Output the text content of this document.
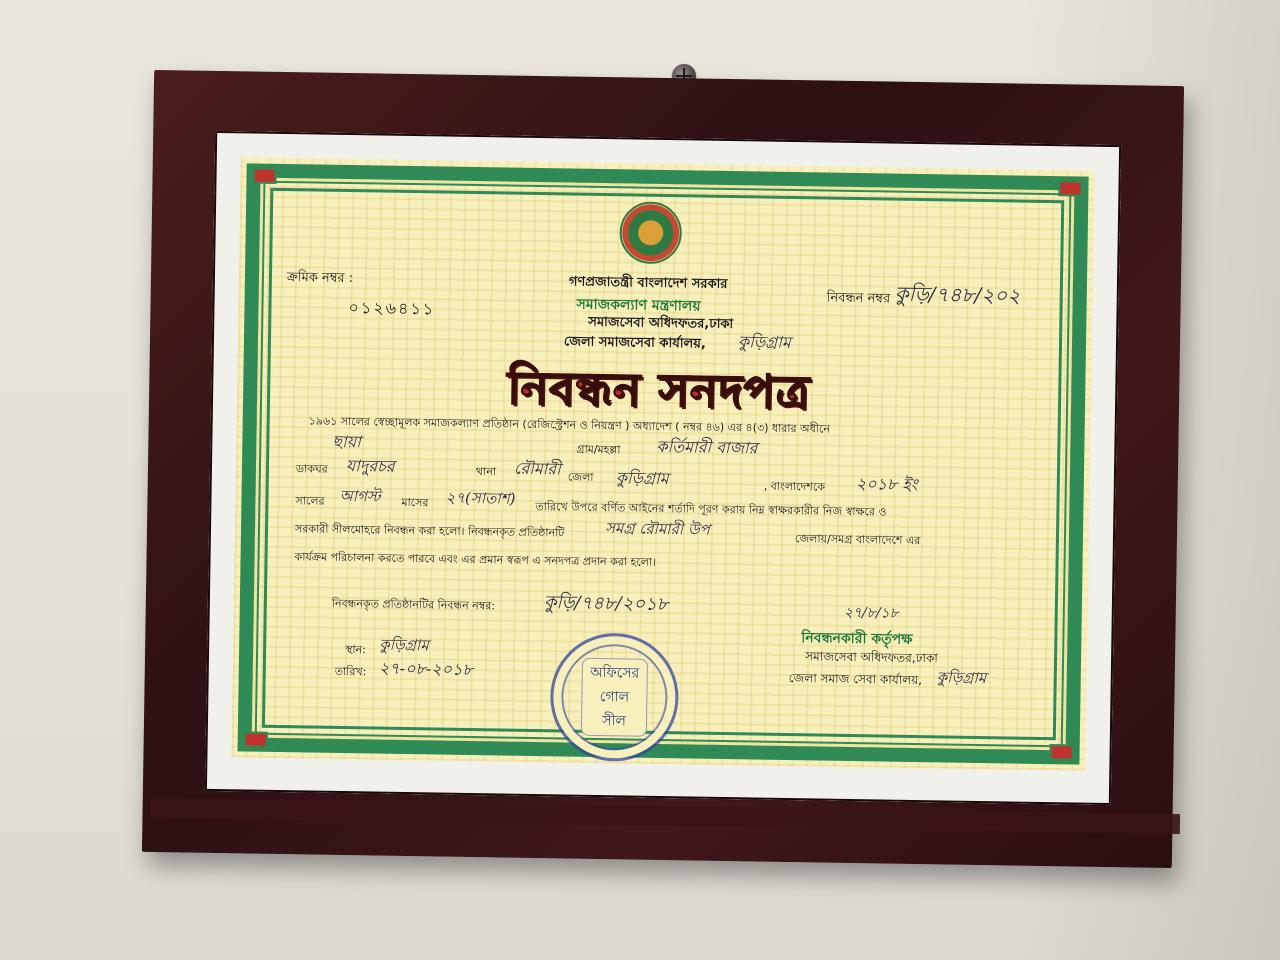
ক্রমিক নম্বর :
০১২৬৪১১	নিবন্ধন নম্বর কুড়ি/৭৪৮/২০২
গণপ্রজাতন্ত্রী বাংলাদেশ সরকার
সমাজকল্যাণ মন্ত্রণালয়
সমাজসেবা অধিদফতর,ঢাকা
জেলা সমাজসেবা কার্যালয়, কুড়িগ্রাম
নিবন্ধন সনদপত্র
১৯৬১ সালের স্বেচ্ছামূলক সমাজকল্যাণ প্রতিষ্ঠান (রেজিস্ট্রেশন ও নিয়ন্ত্রণ ) অধ্যাদেশ ( নম্বর ৪৬) এর ৪(৩) ধারার অধীনে
ছায়া	গ্রাম/মহল্লা কর্তিমারী বাজার
ডাকঘর যাদুরচর	থানা রৌমারী
সালের আগস্ট মাসের ২৭(সাতাশ)
জেলা কুড়িগ্রাম	, বাংলাদেশকে ২০১৮ ইং
তারিখে উপরে বর্ণিত আইনের শর্তাদি পূরণ করায় নিম্ন স্বাক্ষরকারীর নিজ স্বাক্ষরে ও
সরকারী সীলমোহরে নিবন্ধন করা হলো। নিবন্ধনকৃত প্রতিষ্ঠানটি	সমগ্র রৌমারী উপ
জেলায়/সমগ্র বাংলাদেশে এর
কার্যক্রম পরিচালনা করতে পারবে এবং এর প্রমান স্বরূপ এ সনদপত্র প্রদান করা হলো।
নিবন্ধনকৃত প্রতিষ্ঠানটির নিবন্ধন নম্বর:	কুড়ি/৭৪৮/২০১৮
স্থান: কুড়িগ্রাম
তারিখ: ২৭-০৮-২০১৮	অফিসের গোল সীল
২৭/৮/১৮
নিবন্ধনকারী কর্তৃপক্ষ
সমাজসেবা অধিদফতর,ঢাকা
জেলা সমাজ সেবা কার্যালয়, কুড়িগ্রাম
